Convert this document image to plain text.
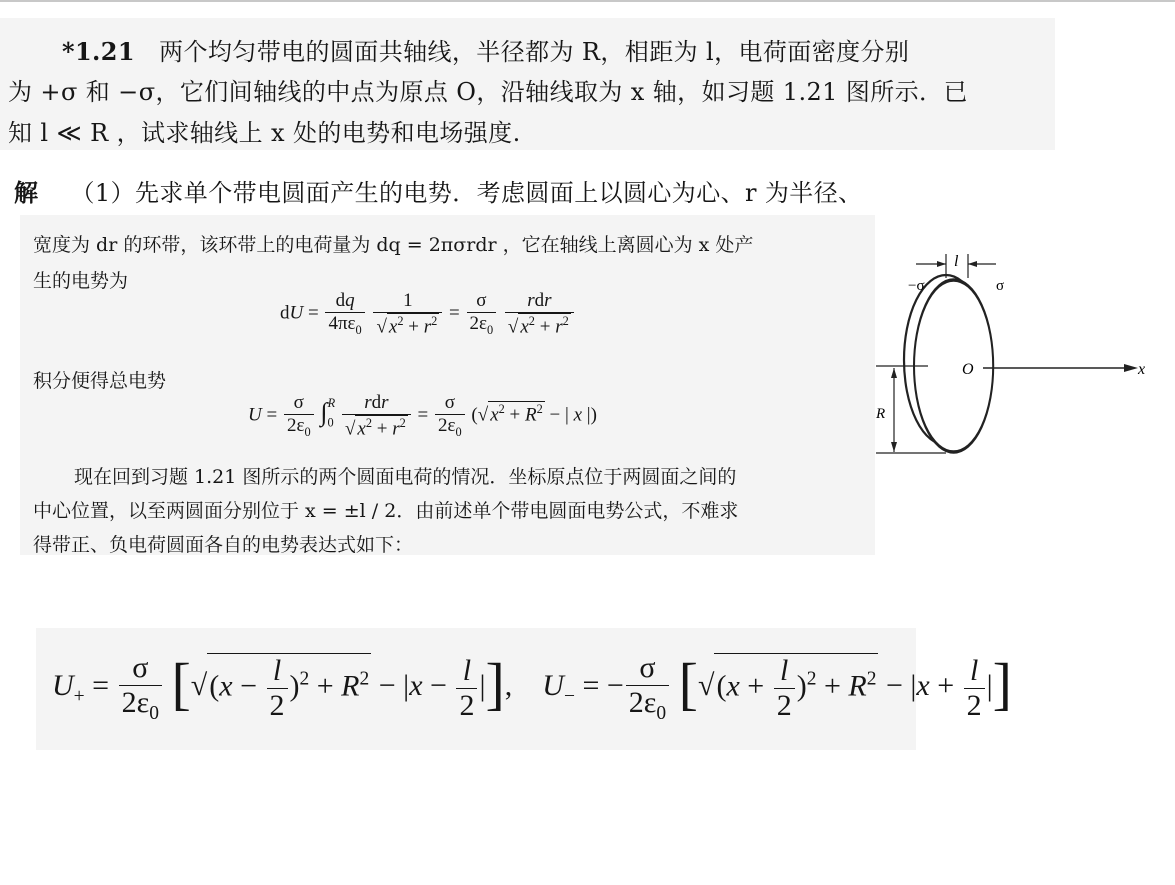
*1.21 两个均匀带电的圆面共轴线，半径都为 R，相距为 l，电荷面密度分别
为 +σ 和 −σ，它们间轴线的中点为原点 O，沿轴线取为 x 轴，如习题 1.21 图所示．已
知 l ≪ R ，试求轴线上 x 处的电势和电场强度.
解 （1）先求单个带电圆面产生的电势．考虑圆面上以圆心为心、r 为半径、
宽度为 dr 的环带，该环带上的电荷量为 dq = 2πσrdr ，它在轴线上离圆心为 x 处产
生的电势为
dU = $\frac{dq}{4\pi\varepsilon_0}$
$\frac{1}{√ x^2 + r^2} = \frac{\sigma}{2\varepsilon_0}$
$\frac{\text{rdr}}{√ x^2 + r^2}$
积分便得总电势
$U = \frac{\sigma}{2\varepsilon_0} \int_0^R \frac{\text{rdr}}{√ x^2 + r^2} = \frac{\sigma}{2\varepsilon_0}$ (√ $x^2 + R^2$ − | x |)
现在回到习题 1.21 图所示的两个圆面电荷的情况．坐标原点位于两圆面之间的
中心位置，以至两圆面分别位于 x = ±l / 2．由前述单个带电圆面电势公式，不难求
得带正、负电荷圆面各自的电势表达式如下：
l
−σ	σ
O	x
R
$U_+ = \frac{\sigma}{2\varepsilon_0} [√(x - \frac{l}{2} )^2 + R^2 - |x - \frac{l}{2}$ |],    $U_-$ = − $\frac{\sigma}{2\varepsilon_0} [√(x + \frac{l}{2} )^2 + R^2 - |x + \frac{l}{2}$ |]
